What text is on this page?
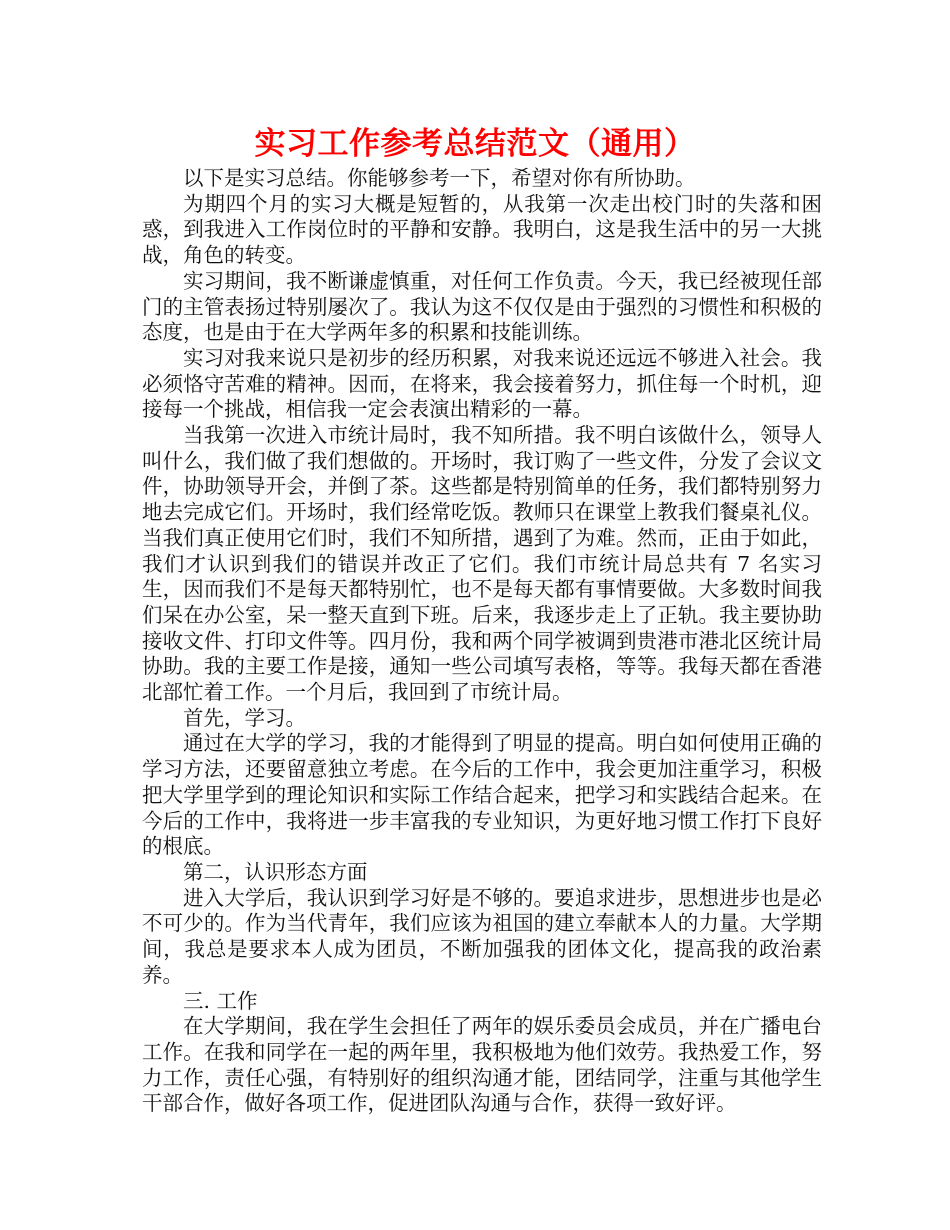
实习工作参考总结范文（通用）

以下是实习总结。你能够参考一下，希望对你有所协助。

为期四个月的实习大概是短暂的，从我第一次走出校门时的失落和困惑，到我进入工作岗位时的平静和安静。我明白，这是我生活中的另一大挑战，角色的转变。

实习期间，我不断谦虚慎重，对任何工作负责。今天，我已经被现任部门的主管表扬过特别屡次了。我认为这不仅仅是由于强烈的习惯性和积极的态度，也是由于在大学两年多的积累和技能训练。

实习对我来说只是初步的经历积累，对我来说还远远不够进入社会。我必须恪守苦难的精神。因而，在将来，我会接着努力，抓住每一个时机，迎接每一个挑战，相信我一定会表演出精彩的一幕。

当我第一次进入市统计局时，我不知所措。我不明白该做什么，领导人叫什么，我们做了我们想做的。开场时，我订购了一些文件，分发了会议文件，协助领导开会，并倒了茶。这些都是特别简单的任务，我们都特别努力地去完成它们。开场时，我们经常吃饭。教师只在课堂上教我们餐桌礼仪。当我们真正使用它们时，我们不知所措，遇到了为难。然而，正由于如此，我们才认识到我们的错误并改正了它们。我们市统计局总共有 7 名实习生，因而我们不是每天都特别忙，也不是每天都有事情要做。大多数时间我们呆在办公室，呆一整天直到下班。后来，我逐步走上了正轨。我主要协助接收文件、打印文件等。四月份，我和两个同学被调到贵港市港北区统计局协助。我的主要工作是接，通知一些公司填写表格，等等。我每天都在香港北部忙着工作。一个月后，我回到了市统计局。

首先，学习。

通过在大学的学习，我的才能得到了明显的提高。明白如何使用正确的学习方法，还要留意独立考虑。在今后的工作中，我会更加注重学习，积极把大学里学到的理论知识和实际工作结合起来，把学习和实践结合起来。在今后的工作中，我将进一步丰富我的专业知识，为更好地习惯工作打下良好的根底。

第二，认识形态方面

进入大学后，我认识到学习好是不够的。要追求进步，思想进步也是必不可少的。作为当代青年，我们应该为祖国的建立奉献本人的力量。大学期间，我总是要求本人成为团员，不断加强我的团体文化，提高我的政治素养。

三. 工作

在大学期间，我在学生会担任了两年的娱乐委员会成员，并在广播电台工作。在我和同学在一起的两年里，我积极地为他们效劳。我热爱工作，努力工作，责任心强，有特别好的组织沟通才能，团结同学，注重与其他学生干部合作，做好各项工作，促进团队沟通与合作，获得一致好评。
